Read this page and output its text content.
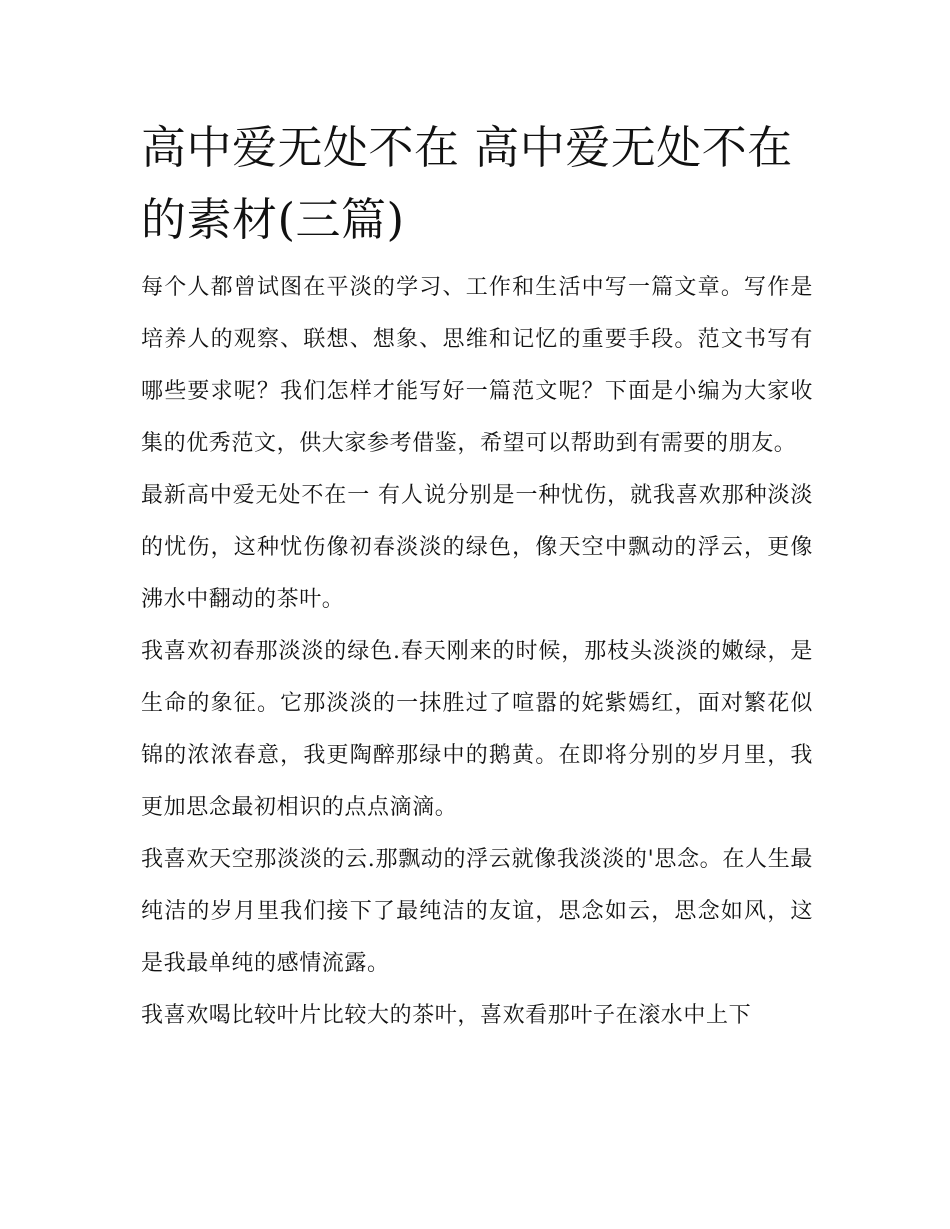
高中爱无处不在 高中爱无处不在的素材(三篇)

每个人都曾试图在平淡的学习、工作和生活中写一篇文章。写作是培养人的观察、联想、想象、思维和记忆的重要手段。范文书写有哪些要求呢？我们怎样才能写好一篇范文呢？下面是小编为大家收集的优秀范文，供大家参考借鉴，希望可以帮助到有需要的朋友。

最新高中爱无处不在一 有人说分别是一种忧伤，就我喜欢那种淡淡的忧伤，这种忧伤像初春淡淡的绿色，像天空中飘动的浮云，更像沸水中翻动的茶叶。

我喜欢初春那淡淡的绿色.春天刚来的时候，那枝头淡淡的嫩绿，是生命的象征。它那淡淡的一抹胜过了喧嚣的姹紫嫣红，面对繁花似锦的浓浓春意，我更陶醉那绿中的鹅黄。在即将分别的岁月里，我更加思念最初相识的点点滴滴。

我喜欢天空那淡淡的云.那飘动的浮云就像我淡淡的'思念。在人生最纯洁的岁月里我们接下了最纯洁的友谊，思念如云，思念如风，这是我最单纯的感情流露。

我喜欢喝比较叶片比较大的茶叶，喜欢看那叶子在滚水中上下
